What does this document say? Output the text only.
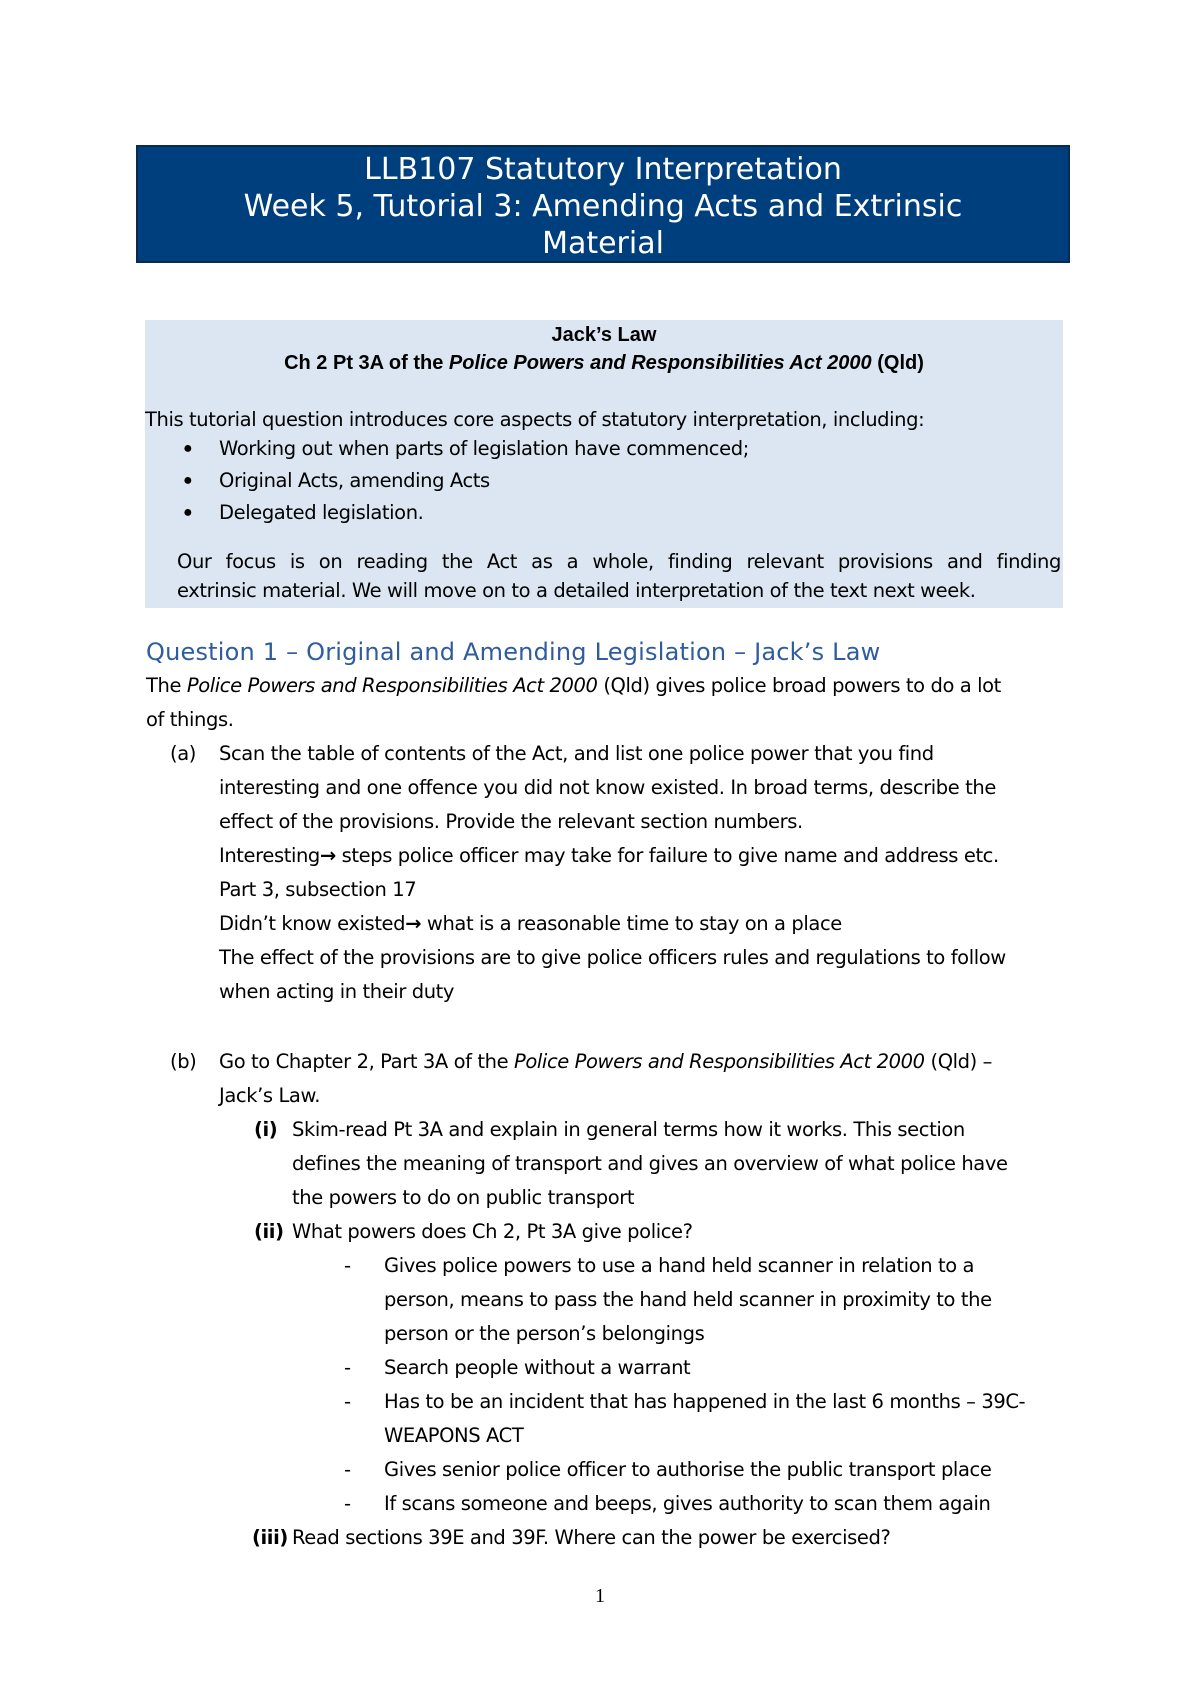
LLB107 Statutory Interpretation
Week 5, Tutorial 3: Amending Acts and Extrinsic
Material
Jack’s Law
Ch 2 Pt 3A of the Police Powers and Responsibilities Act 2000 (Qld)
This tutorial question introduces core aspects of statutory interpretation, including:
● Working out when parts of legislation have commenced;
● Original Acts, amending Acts
● Delegated legislation.
Our focus is on reading the Act as a whole, finding relevant provisions and finding
extrinsic material. We will move on to a detailed interpretation of the text next week.
Question 1 – Original and Amending Legislation – Jack’s Law
The Police Powers and Responsibilities Act 2000 (Qld) gives police broad powers to do a lot
of things.
(a) Scan the table of contents of the Act, and list one police power that you find
interesting and one offence you did not know existed. In broad terms, describe the
effect of the provisions. Provide the relevant section numbers.
Interesting→ steps police officer may take for failure to give name and address etc.
Part 3, subsection 17
Didn’t know existed→ what is a reasonable time to stay on a place
The effect of the provisions are to give police officers rules and regulations to follow
when acting in their duty
(b) Go to Chapter 2, Part 3A of the Police Powers and Responsibilities Act 2000 (Qld) –
Jack’s Law.
(i) Skim-read Pt 3A and explain in general terms how it works. This section
defines the meaning of transport and gives an overview of what police have
the powers to do on public transport
(ii) What powers does Ch 2, Pt 3A give police?
- Gives police powers to use a hand held scanner in relation to a
person, means to pass the hand held scanner in proximity to the
person or the person’s belongings
- Search people without a warrant
- Has to be an incident that has happened in the last 6 months – 39C-
WEAPONS ACT
- Gives senior police officer to authorise the public transport place
- If scans someone and beeps, gives authority to scan them again
(iii) Read sections 39E and 39F. Where can the power be exercised?
1
